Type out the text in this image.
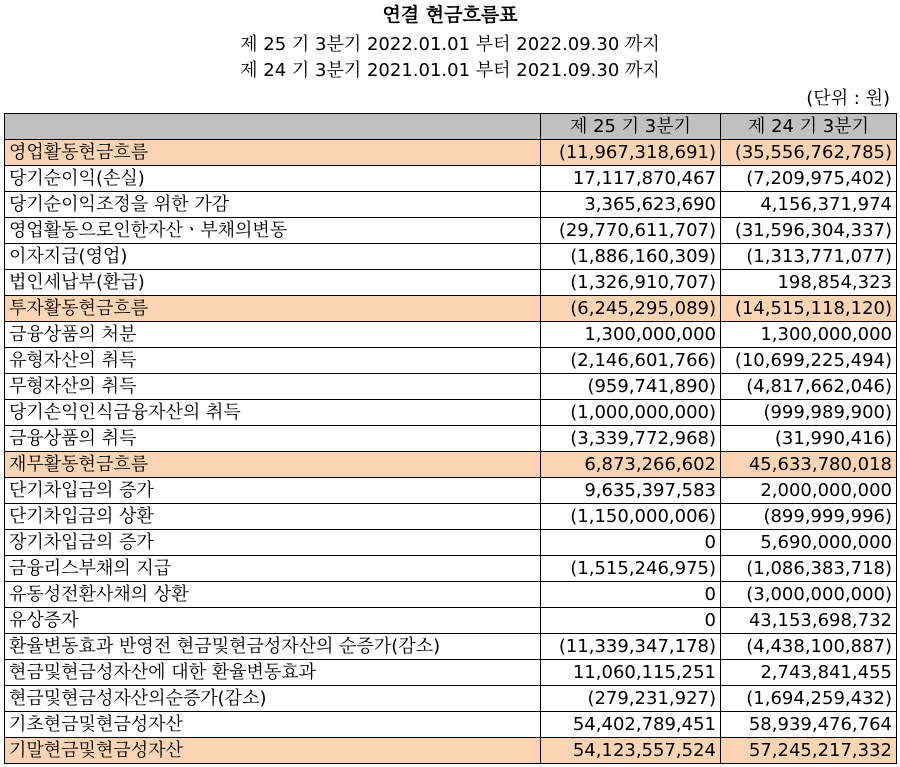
연결 현금흐름표
제 25 기 3분기 2022.01.01 부터 2022.09.30 까지
제 24 기 3분기 2021.01.01 부터 2021.09.30 까지
(단위 : 원)
	제 25 기 3분기	제 24 기 3분기
영업활동현금흐름	(11,967,318,691)	(35,556,762,785)
당기순이익(손실)	17,117,870,467	(7,209,975,402)
당기순이익조정을 위한 가감	3,365,623,690	4,156,371,974
영업활동으로인한자산ㆍ부채의변동	(29,770,611,707)	(31,596,304,337)
이자지급(영업)	(1,886,160,309)	(1,313,771,077)
법인세납부(환급)	(1,326,910,707)	198,854,323
투자활동현금흐름	(6,245,295,089)	(14,515,118,120)
금융상품의 처분	1,300,000,000	1,300,000,000
유형자산의 취득	(2,146,601,766)	(10,699,225,494)
무형자산의 취득	(959,741,890)	(4,817,662,046)
당기손익인식금융자산의 취득	(1,000,000,000)	(999,989,900)
금융상품의 취득	(3,339,772,968)	(31,990,416)
재무활동현금흐름	6,873,266,602	45,633,780,018
단기차입금의 증가	9,635,397,583	2,000,000,000
단기차입금의 상환	(1,150,000,006)	(899,999,996)
장기차입금의 증가	0	5,690,000,000
금융리스부채의 지급	(1,515,246,975)	(1,086,383,718)
유동성전환사채의 상환	0	(3,000,000,000)
유상증자	0	43,153,698,732
환율변동효과 반영전 현금및현금성자산의 순증가(감소)	(11,339,347,178)	(4,438,100,887)
현금및현금성자산에 대한 환율변동효과	11,060,115,251	2,743,841,455
현금및현금성자산의순증가(감소)	(279,231,927)	(1,694,259,432)
기초현금및현금성자산	54,402,789,451	58,939,476,764
기말현금및현금성자산	54,123,557,524	57,245,217,332
